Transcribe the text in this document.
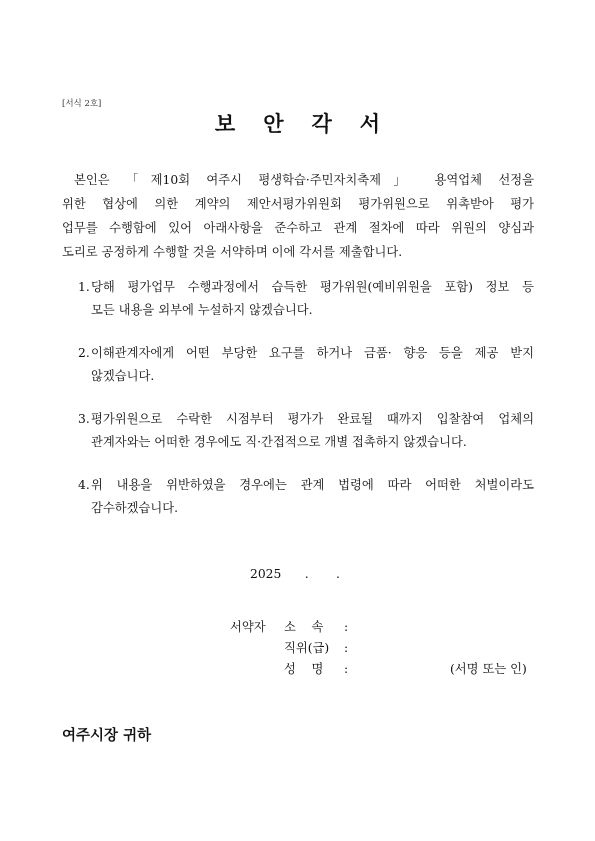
[서식 2호]
보안각서
본인은 「제10회 여주시 평생학습·주민자치축제」 용역업체 선정을
위한 협상에 의한 계약의 제안서평가위원회 평가위원으로 위촉받아 평가
업무를 수행함에 있어 아래사항을 준수하고 관계 절차에 따라 위원의 양심과
도리로 공정하게 수행할 것을 서약하며 이에 각서를 제출합니다.
1. 당해 평가업무 수행과정에서 습득한 평가위원(예비위원을 포함) 정보 등
모든 내용을 외부에 누설하지 않겠습니다.
2. 이해관계자에게 어떤 부당한 요구를 하거나 금품· 향응 등을 제공 받지
않겠습니다.
3. 평가위원으로 수락한 시점부터 평가가 완료될 때까지 입찰참여 업체의
관계자와는 어떠한 경우에도 직·간접적으로 개별 접촉하지 않겠습니다.
4. 위 내용을 위반하였을 경우에는 관계 법령에 따라 어떠한 처벌이라도
감수하겠습니다.
2025      .       .
서약자	소    속	:
직위(급)	:
성    명	:	(서명 또는 인)
여주시장 귀하
